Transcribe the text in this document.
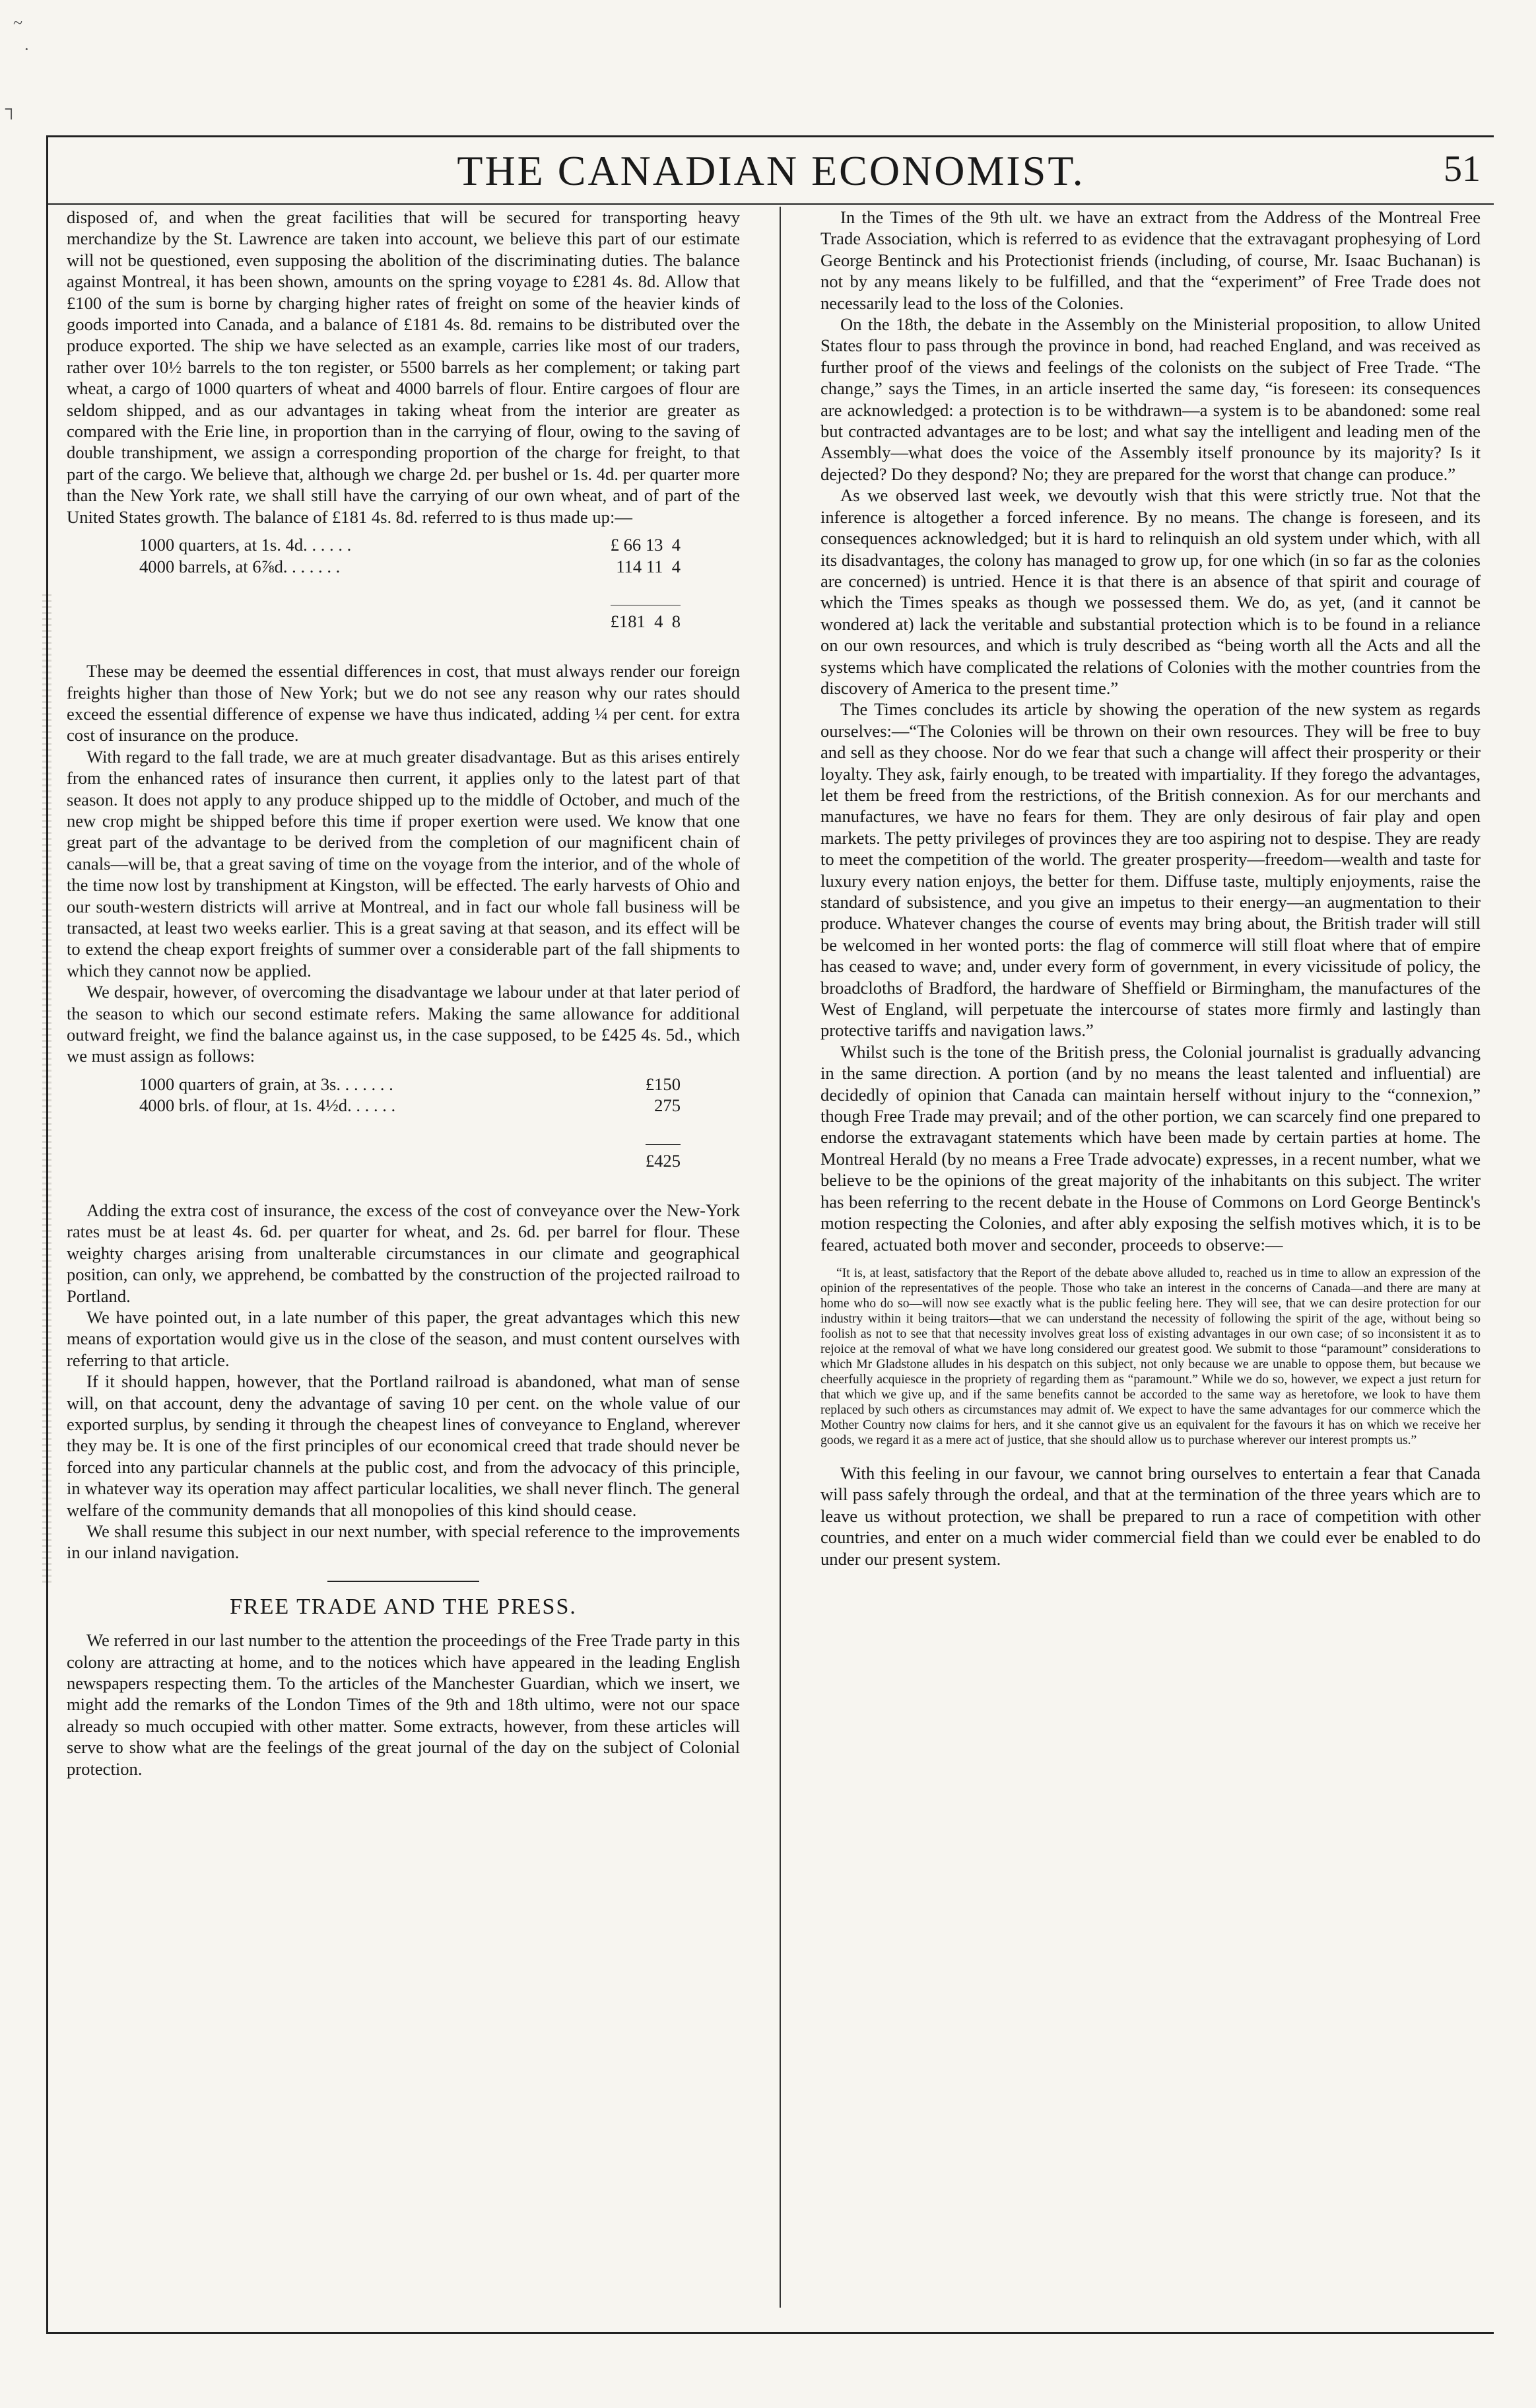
~
·
┐
THE CANADIAN ECONOMIST.	51

disposed of, and when the great facilities that will be secured for transporting heavy merchandize by the St. Lawrence are taken into account, we believe this part of our estimate will not be questioned, even supposing the abolition of the discriminating duties. The balance against Montreal, it has been shown, amounts on the spring voyage to £281 4s. 8d. Allow that £100 of the sum is borne by charging higher rates of freight on some of the heavier kinds of goods imported into Canada, and a balance of £181 4s. 8d. remains to be distributed over the produce exported. The ship we have selected as an example, carries like most of our traders, rather over 10½ barrels to the ton register, or 5500 barrels as her complement; or taking part wheat, a cargo of 1000 quarters of wheat and 4000 barrels of flour. Entire cargoes of flour are seldom shipped, and as our advantages in taking wheat from the interior are greater as compared with the Erie line, in proportion than in the carrying of flour, owing to the saving of double transhipment, we assign a corresponding proportion of the charge for freight, to that part of the cargo. We believe that, although we charge 2d. per bushel or 1s. 4d. per quarter more than the New York rate, we shall still have the carrying of our own wheat, and of part of the United States growth. The balance of £181 4s. 8d. referred to is thus made up:—

1000 quarters, at 1s. 4d. . . . . .	£ 66 13  4
4000 barrels, at 6⅞d. . . . . . .	114 11  4

£181  4  8

These may be deemed the essential differences in cost, that must always render our foreign freights higher than those of New York; but we do not see any reason why our rates should exceed the essential difference of expense we have thus indicated, adding ¼ per cent. for extra cost of insurance on the produce.

With regard to the fall trade, we are at much greater disadvantage. But as this arises entirely from the enhanced rates of insurance then current, it applies only to the latest part of that season. It does not apply to any produce shipped up to the middle of October, and much of the new crop might be shipped before this time if proper exertion were used. We know that one great part of the advantage to be derived from the completion of our magnificent chain of canals—will be, that a great saving of time on the voyage from the interior, and of the whole of the time now lost by transhipment at Kingston, will be effected. The early harvests of Ohio and our south-western districts will arrive at Montreal, and in fact our whole fall business will be transacted, at least two weeks earlier. This is a great saving at that season, and its effect will be to extend the cheap export freights of summer over a considerable part of the fall shipments to which they cannot now be applied.

We despair, however, of overcoming the disadvantage we labour under at that later period of the season to which our second estimate refers. Making the same allowance for additional outward freight, we find the balance against us, in the case supposed, to be £425 4s. 5d., which we must assign as follows:

1000 quarters of grain, at 3s. . . . . . .	£150
4000 brls. of flour, at 1s. 4½d. . . . . .	275

£425

Adding the extra cost of insurance, the excess of the cost of conveyance over the New-York rates must be at least 4s. 6d. per quarter for wheat, and 2s. 6d. per barrel for flour. These weighty charges arising from unalterable circumstances in our climate and geographical position, can only, we apprehend, be combatted by the construction of the projected railroad to Portland.

We have pointed out, in a late number of this paper, the great advantages which this new means of exportation would give us in the close of the season, and must content ourselves with referring to that article.

If it should happen, however, that the Portland railroad is abandoned, what man of sense will, on that account, deny the advantage of saving 10 per cent. on the whole value of our exported surplus, by sending it through the cheapest lines of conveyance to England, wherever they may be. It is one of the first principles of our economical creed that trade should never be forced into any particular channels at the public cost, and from the advocacy of this principle, in whatever way its operation may affect particular localities, we shall never flinch. The general welfare of the community demands that all monopolies of this kind should cease.

We shall resume this subject in our next number, with special reference to the improvements in our inland navigation.

FREE TRADE AND THE PRESS.

We referred in our last number to the attention the proceedings of the Free Trade party in this colony are attracting at home, and to the notices which have appeared in the leading English newspapers respecting them. To the articles of the Manchester Guardian, which we insert, we might add the remarks of the London Times of the 9th and 18th ultimo, were not our space already so much occupied with other matter. Some extracts, however, from these articles will serve to show what are the feelings of the great journal of the day on the subject of Colonial protection.

In the Times of the 9th ult. we have an extract from the Address of the Montreal Free Trade Association, which is referred to as evidence that the extravagant prophesying of Lord George Bentinck and his Protectionist friends (including, of course, Mr. Isaac Buchanan) is not by any means likely to be fulfilled, and that the “experiment” of Free Trade does not necessarily lead to the loss of the Colonies.

On the 18th, the debate in the Assembly on the Ministerial proposition, to allow United States flour to pass through the province in bond, had reached England, and was received as further proof of the views and feelings of the colonists on the subject of Free Trade. “The change,” says the Times, in an article inserted the same day, “is foreseen: its consequences are acknowledged: a protection is to be withdrawn—a system is to be abandoned: some real but contracted advantages are to be lost; and what say the intelligent and leading men of the Assembly—what does the voice of the Assembly itself pronounce by its majority? Is it dejected? Do they despond? No; they are prepared for the worst that change can produce.”

As we observed last week, we devoutly wish that this were strictly true. Not that the inference is altogether a forced inference. By no means. The change is foreseen, and its consequences acknowledged; but it is hard to relinquish an old system under which, with all its disadvantages, the colony has managed to grow up, for one which (in so far as the colonies are concerned) is untried. Hence it is that there is an absence of that spirit and courage of which the Times speaks as though we possessed them. We do, as yet, (and it cannot be wondered at) lack the veritable and substantial protection which is to be found in a reliance on our own resources, and which is truly described as “being worth all the Acts and all the systems which have complicated the relations of Colonies with the mother countries from the discovery of America to the present time.”

The Times concludes its article by showing the operation of the new system as regards ourselves:—“The Colonies will be thrown on their own resources. They will be free to buy and sell as they choose. Nor do we fear that such a change will affect their prosperity or their loyalty. They ask, fairly enough, to be treated with impartiality. If they forego the advantages, let them be freed from the restrictions, of the British connexion. As for our merchants and manufactures, we have no fears for them. They are only desirous of fair play and open markets. The petty privileges of provinces they are too aspiring not to despise. They are ready to meet the competition of the world. The greater prosperity—freedom—wealth and taste for luxury every nation enjoys, the better for them. Diffuse taste, multiply enjoyments, raise the standard of subsistence, and you give an impetus to their energy—an augmentation to their produce. Whatever changes the course of events may bring about, the British trader will still be welcomed in her wonted ports: the flag of commerce will still float where that of empire has ceased to wave; and, under every form of government, in every vicissitude of policy, the broadcloths of Bradford, the hardware of Sheffield or Birmingham, the manufactures of the West of England, will perpetuate the intercourse of states more firmly and lastingly than protective tariffs and navigation laws.”

Whilst such is the tone of the British press, the Colonial journalist is gradually advancing in the same direction. A portion (and by no means the least talented and influential) are decidedly of opinion that Canada can maintain herself without injury to the “connexion,” though Free Trade may prevail; and of the other portion, we can scarcely find one prepared to endorse the extravagant statements which have been made by certain parties at home. The Montreal Herald (by no means a Free Trade advocate) expresses, in a recent number, what we believe to be the opinions of the great majority of the inhabitants on this subject. The writer has been referring to the recent debate in the House of Commons on Lord George Bentinck's motion respecting the Colonies, and after ably exposing the selfish motives which, it is to be feared, actuated both mover and seconder, proceeds to observe:—

“It is, at least, satisfactory that the Report of the debate above alluded to, reached us in time to allow an expression of the opinion of the representatives of the people. Those who take an interest in the concerns of Canada—and there are many at home who do so—will now see exactly what is the public feeling here. They will see, that we can desire protection for our industry within it being traitors—that we can understand the necessity of following the spirit of the age, without being so foolish as not to see that that necessity involves great loss of existing advantages in our own case; of so inconsistent it as to rejoice at the removal of what we have long considered our greatest good. We submit to those “paramount” considerations to which Mr Gladstone alludes in his despatch on this subject, not only because we are unable to oppose them, but because we cheerfully acquiesce in the propriety of regarding them as “paramount.” While we do so, however, we expect a just return for that which we give up, and if the same benefits cannot be accorded to the same way as heretofore, we look to have them replaced by such others as circumstances may admit of. We expect to have the same advantages for our commerce which the Mother Country now claims for hers, and it she cannot give us an equivalent for the favours it has on which we receive her goods, we regard it as a mere act of justice, that she should allow us to purchase wherever our interest prompts us.”

With this feeling in our favour, we cannot bring ourselves to entertain a fear that Canada will pass safely through the ordeal, and that at the termination of the three years which are to leave us without protection, we shall be prepared to run a race of competition with other countries, and enter on a much wider commercial field than we could ever be enabled to do under our present system.
